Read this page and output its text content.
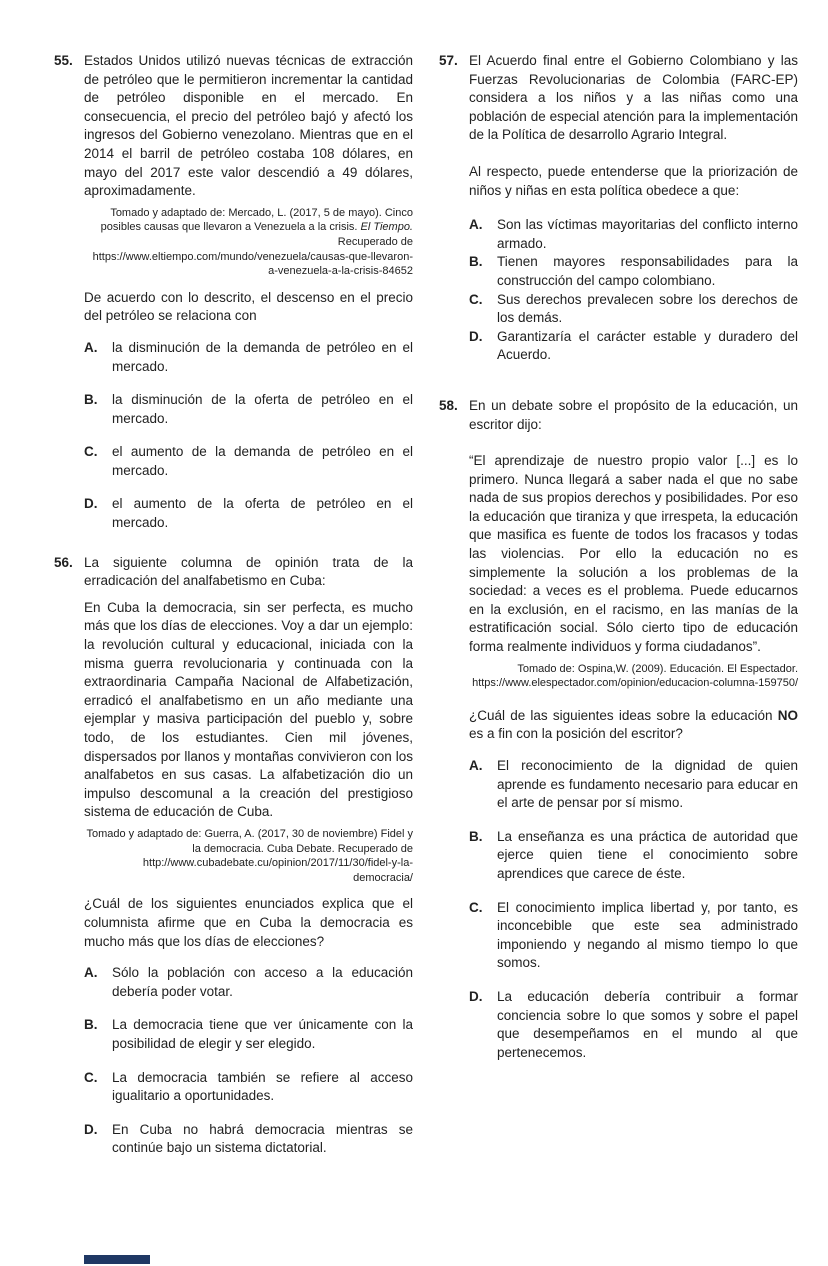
55. Estados Unidos utilizó nuevas técnicas de extracción de petróleo que le permitieron incrementar la cantidad de petróleo disponible en el mercado. En consecuencia, el precio del petróleo bajó y afectó los ingresos del Gobierno venezolano. Mientras que en el 2014 el barril de petróleo costaba 108 dólares, en mayo del 2017 este valor descendió a 49 dólares, aproximadamente.

Tomado y adaptado de: Mercado, L. (2017, 5 de mayo). Cinco posibles causas que llevaron a Venezuela a la crisis. El Tiempo. Recuperado de https://www.eltiempo.com/mundo/venezuela/causas-que-llevaron-a-venezuela-a-la-crisis-84652

De acuerdo con lo descrito, el descenso en el precio del petróleo se relaciona con

A.	la disminución de la demanda de petróleo en el mercado.
B.	la disminución de la oferta de petróleo en el mercado.
C.	el aumento de la demanda de petróleo en el mercado.
D.	el aumento de la oferta de petróleo en el mercado.
56. La siguiente columna de opinión trata de la erradicación del analfabetismo en Cuba:

En Cuba la democracia, sin ser perfecta, es mucho más que los días de elecciones. Voy a dar un ejemplo: la revolución cultural y educacional, iniciada con la misma guerra revolucionaria y continuada con la extraordinaria Campaña Nacional de Alfabetización, erradicó el analfabetismo en un año mediante una ejemplar y masiva participación del pueblo y, sobre todo, de los estudiantes. Cien mil jóvenes, dispersados por llanos y montañas convivieron con los analfabetos en sus casas. La alfabetización dio un impulso descomunal a la creación del prestigioso sistema de educación de Cuba.

Tomado y adaptado de: Guerra, A. (2017, 30 de noviembre) Fidel y la democracia. Cuba Debate. Recuperado de http://www.cubadebate.cu/opinion/2017/11/30/fidel-y-la-democracia/

¿Cuál de los siguientes enunciados explica que el columnista afirme que en Cuba la democracia es mucho más que los días de elecciones?

A.	Sólo la población con acceso a la educación debería poder votar.
B.	La democracia tiene que ver únicamente con la posibilidad de elegir y ser elegido.
C.	La democracia también se refiere al acceso igualitario a oportunidades.
D.	En Cuba no habrá democracia mientras se continúe bajo un sistema dictatorial.
57. El Acuerdo final entre el Gobierno Colombiano y las Fuerzas Revolucionarias de Colombia (FARC-EP) considera a los niños y a las niñas como una población de especial atención para la implementación de la Política de desarrollo Agrario Integral.

Al respecto, puede entenderse que la priorización de niños y niñas en esta política obedece a que:

A.	Son las víctimas mayoritarias del conflicto interno armado.
B.	Tienen mayores responsabilidades para la construcción del campo colombiano.
C.	Sus derechos prevalecen sobre los derechos de los demás.
D.	Garantizaría el carácter estable y duradero del Acuerdo.
58. En un debate sobre el propósito de la educación, un escritor dijo:

“El aprendizaje de nuestro propio valor [...] es lo primero. Nunca llegará a saber nada el que no sabe nada de sus propios derechos y posibilidades. Por eso la educación que tiraniza y que irrespeta, la educación que masifica es fuente de todos los fracasos y todas las violencias. Por ello la educación no es simplemente la solución a los problemas de la sociedad: a veces es el problema. Puede educarnos en la exclusión, en el racismo, en las manías de la estratificación social. Sólo cierto tipo de educación forma realmente individuos y forma ciudadanos”.

Tomado de: Ospina,W. (2009). Educación. El Espectador. https://www.elespectador.com/opinion/educacion-columna-159750/

¿Cuál de las siguientes ideas sobre la educación NO es a fin con la posición del escritor?

A.	El reconocimiento de la dignidad de quien aprende es fundamento necesario para educar en el arte de pensar por sí mismo.
B.	La enseñanza es una práctica de autoridad que ejerce quien tiene el conocimiento sobre aprendices que carece de éste.
C.	El conocimiento implica libertad y, por tanto, es inconcebible que este sea administrado imponiendo y negando al mismo tiempo lo que somos.
D.	La educación debería contribuir a formar conciencia sobre lo que somos y sobre el papel que desempeñamos en el mundo al que pertenecemos.
